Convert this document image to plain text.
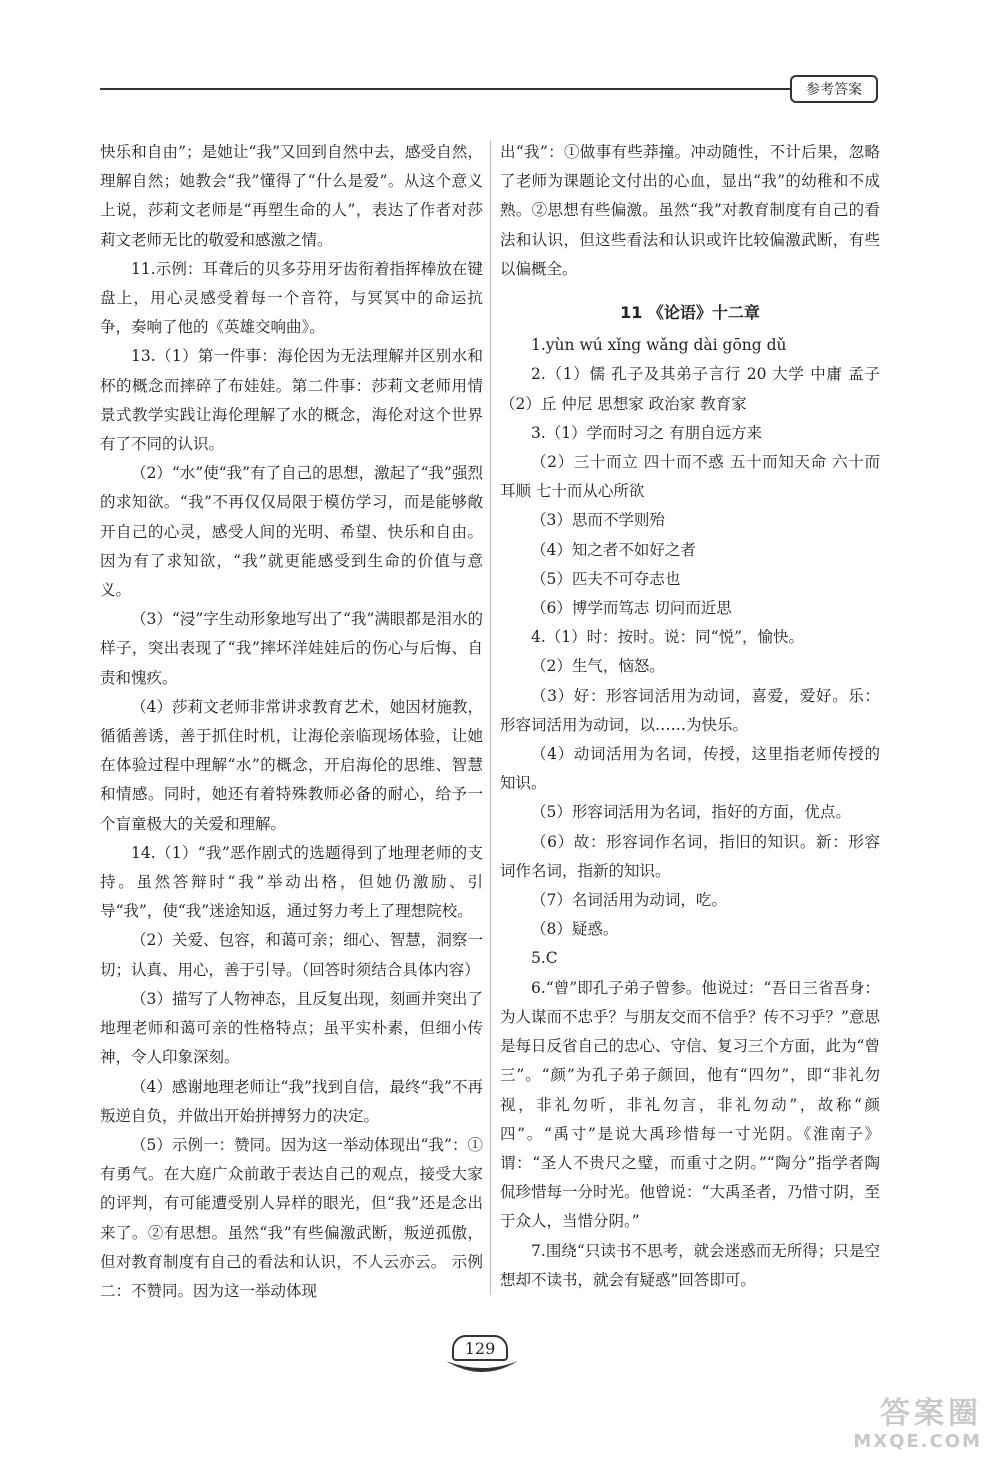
参考答案

快乐和自由”；是她让“我”又回到自然中去，感受自然，理解自然；她教会“我”懂得了“什么是爱”。从这个意义上说，莎莉文老师是“再塑生命的人”，表达了作者对莎莉文老师无比的敬爱和感激之情。

11.示例：耳聋后的贝多芬用牙齿衔着指挥棒放在键盘上，用心灵感受着每一个音符，与冥冥中的命运抗争，奏响了他的《英雄交响曲》。

13.（1）第一件事：海伦因为无法理解并区别水和杯的概念而摔碎了布娃娃。第二件事：莎莉文老师用情景式教学实践让海伦理解了水的概念，海伦对这个世界有了不同的认识。

（2）“水”使“我”有了自己的思想，激起了“我”强烈的求知欲。“我”不再仅仅局限于模仿学习，而是能够敞开自己的心灵，感受人间的光明、希望、快乐和自由。因为有了求知欲，“我”就更能感受到生命的价值与意义。

（3）“浸”字生动形象地写出了“我”满眼都是泪水的样子，突出表现了“我”摔坏洋娃娃后的伤心与后悔、自责和愧疚。

（4）莎莉文老师非常讲求教育艺术，她因材施教，循循善诱，善于抓住时机，让海伦亲临现场体验，让她在体验过程中理解“水”的概念，开启海伦的思维、智慧和情感。同时，她还有着特殊教师必备的耐心，给予一个盲童极大的关爱和理解。

14.（1）“我”恶作剧式的选题得到了地理老师的支持。虽然答辩时“我”举动出格，但她仍激励、引导“我”，使“我”迷途知返，通过努力考上了理想院校。

（2）关爱、包容，和蔼可亲；细心、智慧，洞察一切；认真、用心，善于引导。（回答时须结合具体内容）

（3）描写了人物神态，且反复出现，刻画并突出了地理老师和蔼可亲的性格特点；虽平实朴素，但细小传神，令人印象深刻。

（4）感谢地理老师让“我”找到自信，最终“我”不再叛逆自负，并做出开始拼搏努力的决定。

（5）示例一：赞同。因为这一举动体现出“我”：①有勇气。在大庭广众前敢于表达自己的观点，接受大家的评判，有可能遭受别人异样的眼光，但“我”还是念出来了。②有思想。虽然“我”有些偏激武断，叛逆孤傲，但对教育制度有自己的看法和认识，不人云亦云。 示例二：不赞同。因为这一举动体现

出“我”：①做事有些莽撞。冲动随性，不计后果，忽略了老师为课题论文付出的心血，显出“我”的幼稚和不成熟。②思想有些偏激。虽然“我”对教育制度有自己的看法和认识，但这些看法和认识或许比较偏激武断，有些以偏概全。

11 《论语》十二章

1.yùn wú xǐng wǎng dài gōng dǔ

2.（1）儒 孔子及其弟子言行 20 大学 中庸 孟子 （2）丘 仲尼 思想家 政治家 教育家

3.（1）学而时习之 有朋自远方来

（2）三十而立 四十而不惑 五十而知天命 六十而耳顺 七十而从心所欲

（3）思而不学则殆

（4）知之者不如好之者

（5）匹夫不可夺志也

（6）博学而笃志 切问而近思

4.（1）时：按时。说：同“悦”，愉快。

（2）生气，恼怒。

（3）好：形容词活用为动词，喜爱，爱好。乐：形容词活用为动词，以……为快乐。

（4）动词活用为名词，传授，这里指老师传授的知识。

（5）形容词活用为名词，指好的方面，优点。

（6）故：形容词作名词，指旧的知识。新：形容词作名词，指新的知识。

（7）名词活用为动词，吃。

（8）疑惑。

5.C

6.“曾”即孔子弟子曾参。他说过：“吾日三省吾身：为人谋而不忠乎？与朋友交而不信乎？传不习乎？”意思是每日反省自己的忠心、守信、复习三个方面，此为“曾三”。“颜”为孔子弟子颜回，他有“四勿”，即“非礼勿视，非礼勿听，非礼勿言，非礼勿动”，故称“颜四”。“禹寸”是说大禹珍惜每一寸光阴。《淮南子》谓：“圣人不贵尺之璧，而重寸之阴。”“陶分”指学者陶侃珍惜每一分时光。他曾说：“大禹圣者，乃惜寸阴，至于众人，当惜分阴。”

7.围绕“只读书不思考，就会迷惑而无所得；只是空想却不读书，就会有疑惑”回答即可。

129
答案圈
MXQE.COM
